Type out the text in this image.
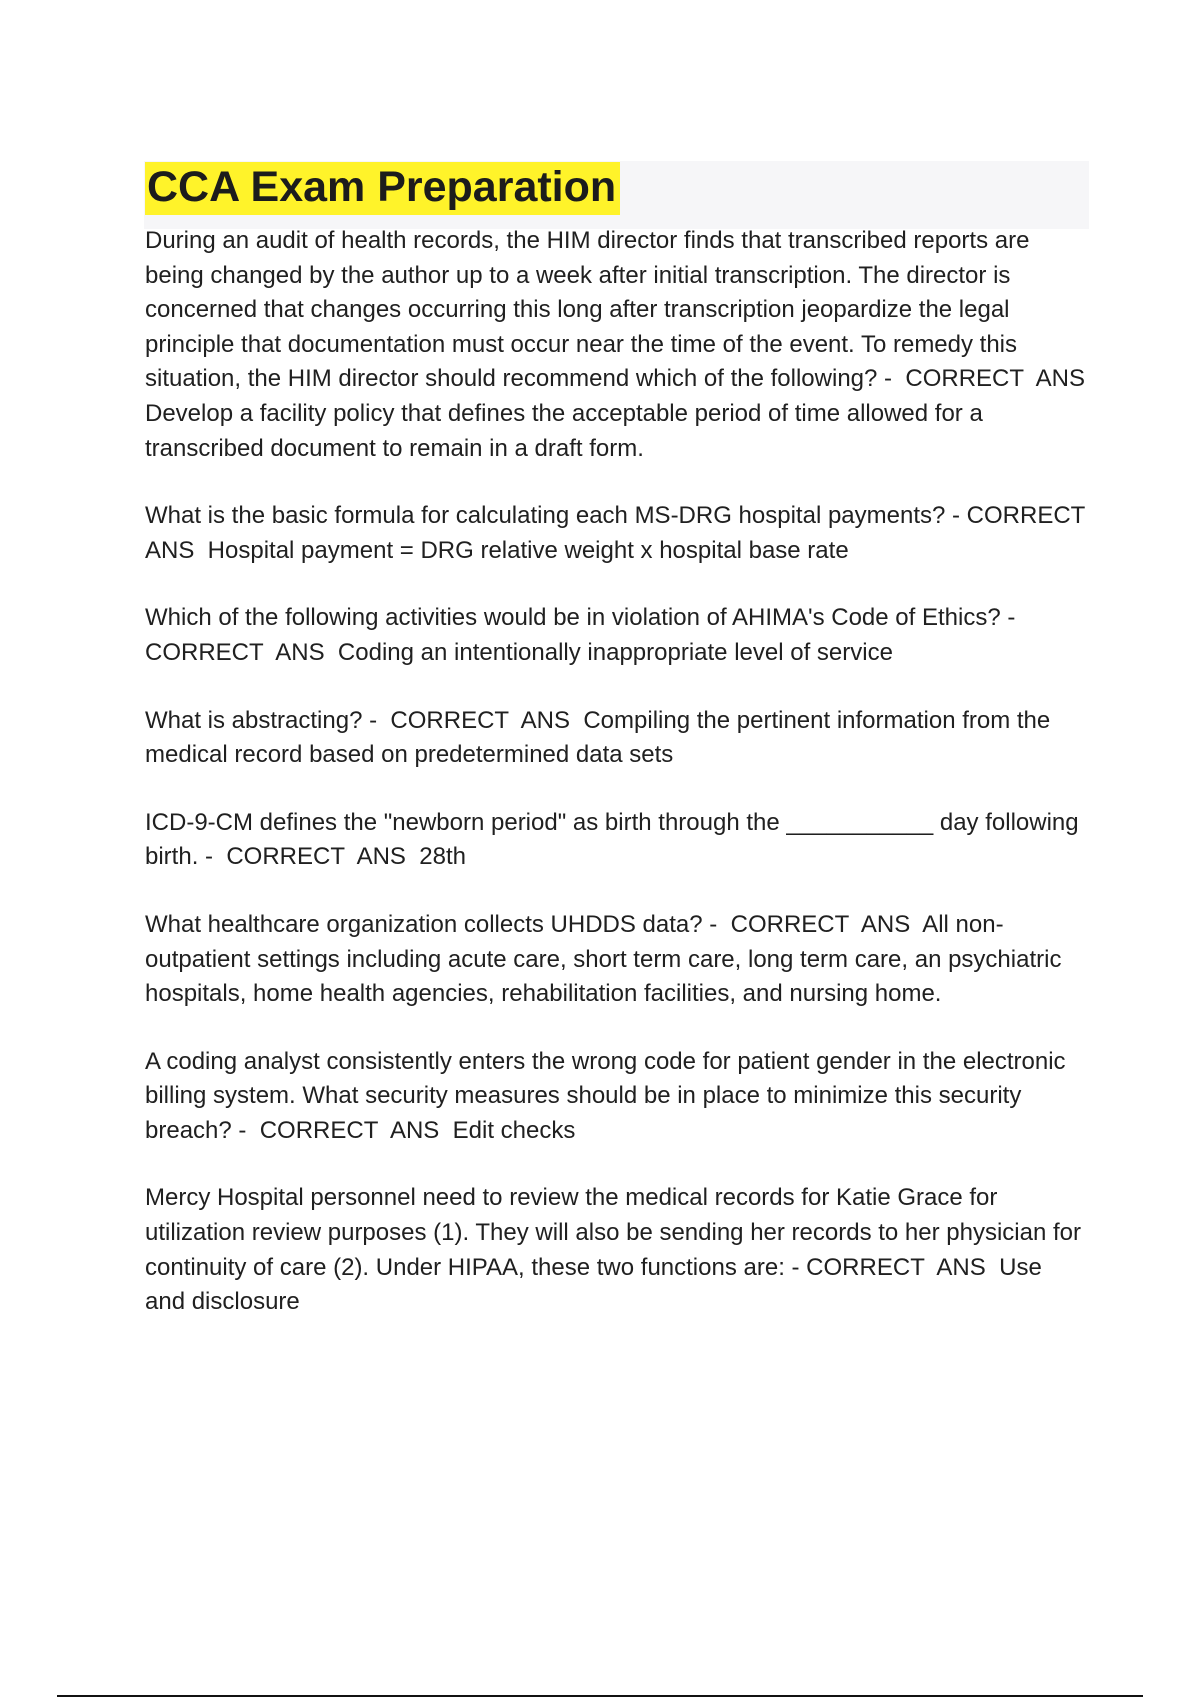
CCA Exam Preparation

During an audit of health records, the HIM director finds that transcribed reports are being changed by the author up to a week after initial transcription. The director is concerned that changes occurring this long after transcription jeopardize the legal principle that documentation must occur near the time of the event. To remedy this situation, the HIM director should recommend which of the following? -  CORRECT  ANS  Develop a facility policy that defines the acceptable period of time allowed for a transcribed document to remain in a draft form.

What is the basic formula for calculating each MS-DRG hospital payments? - CORRECT  ANS  Hospital payment = DRG relative weight x hospital base rate

Which of the following activities would be in violation of AHIMA's Code of Ethics? -  CORRECT  ANS  Coding an intentionally inappropriate level of service

What is abstracting? -  CORRECT  ANS  Compiling the pertinent information from the medical record based on predetermined data sets

ICD-9-CM defines the "newborn period" as birth through the ___________ day following birth. -  CORRECT  ANS  28th

What healthcare organization collects UHDDS data? -  CORRECT  ANS  All non-outpatient settings including acute care, short term care, long term care, an psychiatric hospitals, home health agencies, rehabilitation facilities, and nursing home.

A coding analyst consistently enters the wrong code for patient gender in the electronic billing system. What security measures should be in place to minimize this security breach? -  CORRECT  ANS  Edit checks

Mercy Hospital personnel need to review the medical records for Katie Grace for utilization review purposes (1). They will also be sending her records to her physician for continuity of care (2). Under HIPAA, these two functions are: - CORRECT  ANS  Use and disclosure
